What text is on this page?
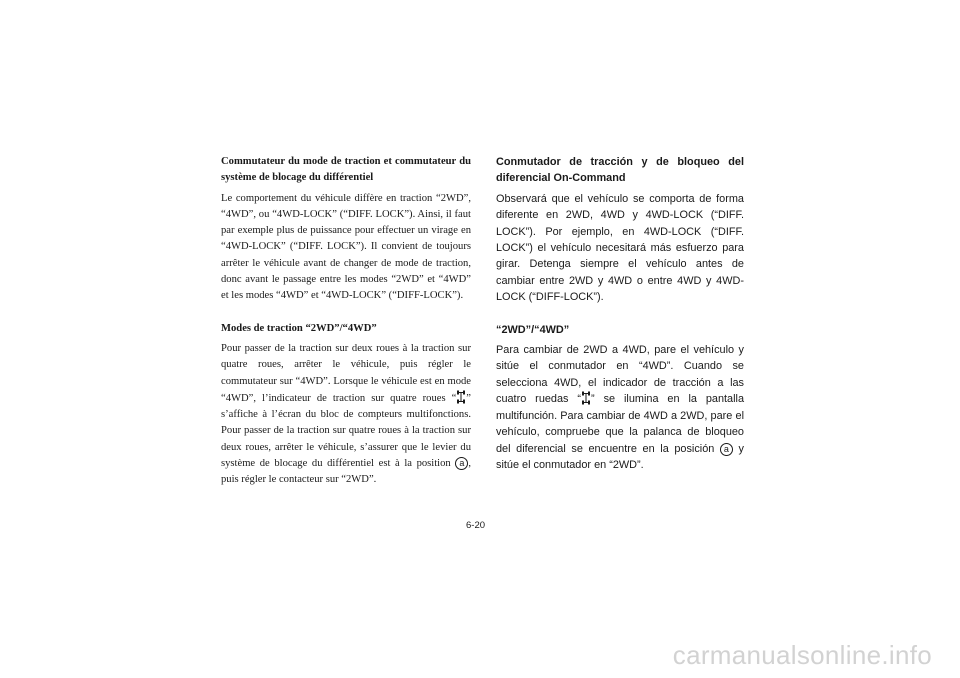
Commutateur du mode de traction et commutateur du système de blocage du différentiel

Le comportement du véhicule diffère en traction “2WD”, “4WD”, ou “4WD-LOCK” (“DIFF. LOCK”). Ainsi, il faut par exemple plus de puissance pour effectuer un virage en “4WD-LOCK” (“DIFF. LOCK”). Il convient de toujours arrêter le véhicule avant de changer de mode de traction, donc avant le passage entre les modes “2WD” et “4WD” et les modes “4WD” et “4WD-LOCK” (“DIFF-LOCK”).

Modes de traction “2WD”/“4WD”

Pour passer de la traction sur deux roues à la traction sur quatre roues, arrêter le véhicule, puis régler le commutateur sur “4WD”. Lorsque le véhicule est en mode “4WD”, l’indicateur de traction sur quatre roues “ ” s’affiche à l’écran du bloc de compteurs multifonctions. Pour passer de la traction sur quatre roues à la traction sur deux roues, arrêter le véhicule, s’assurer que le levier du système de blocage du différentiel est à la position a , puis régler le contacteur sur “2WD”.

Conmutador de tracción y de bloqueo del diferencial On-Command

Observará que el vehículo se comporta de forma diferente en 2WD, 4WD y 4WD-LOCK (“DIFF. LOCK”). Por ejemplo, en 4WD-LOCK (“DIFF. LOCK”) el vehículo necesitará más esfuerzo para girar. Detenga siempre el vehículo antes de cambiar entre 2WD y 4WD o entre 4WD y 4WD-LOCK (“DIFF-LOCK”).

“2WD”/“4WD”

Para cambiar de 2WD a 4WD, pare el vehículo y sitúe el conmutador en “4WD”. Cuando se selecciona 4WD, el indicador de tracción a las cuatro ruedas “ ” se ilumina en la pantalla multifunción. Para cambiar de 4WD a 2WD, pare el vehículo, compruebe que la palanca de bloqueo del diferencial se encuentre en la posición a y sitúe el conmutador en “2WD”.

6-20
carmanualsonline.info
